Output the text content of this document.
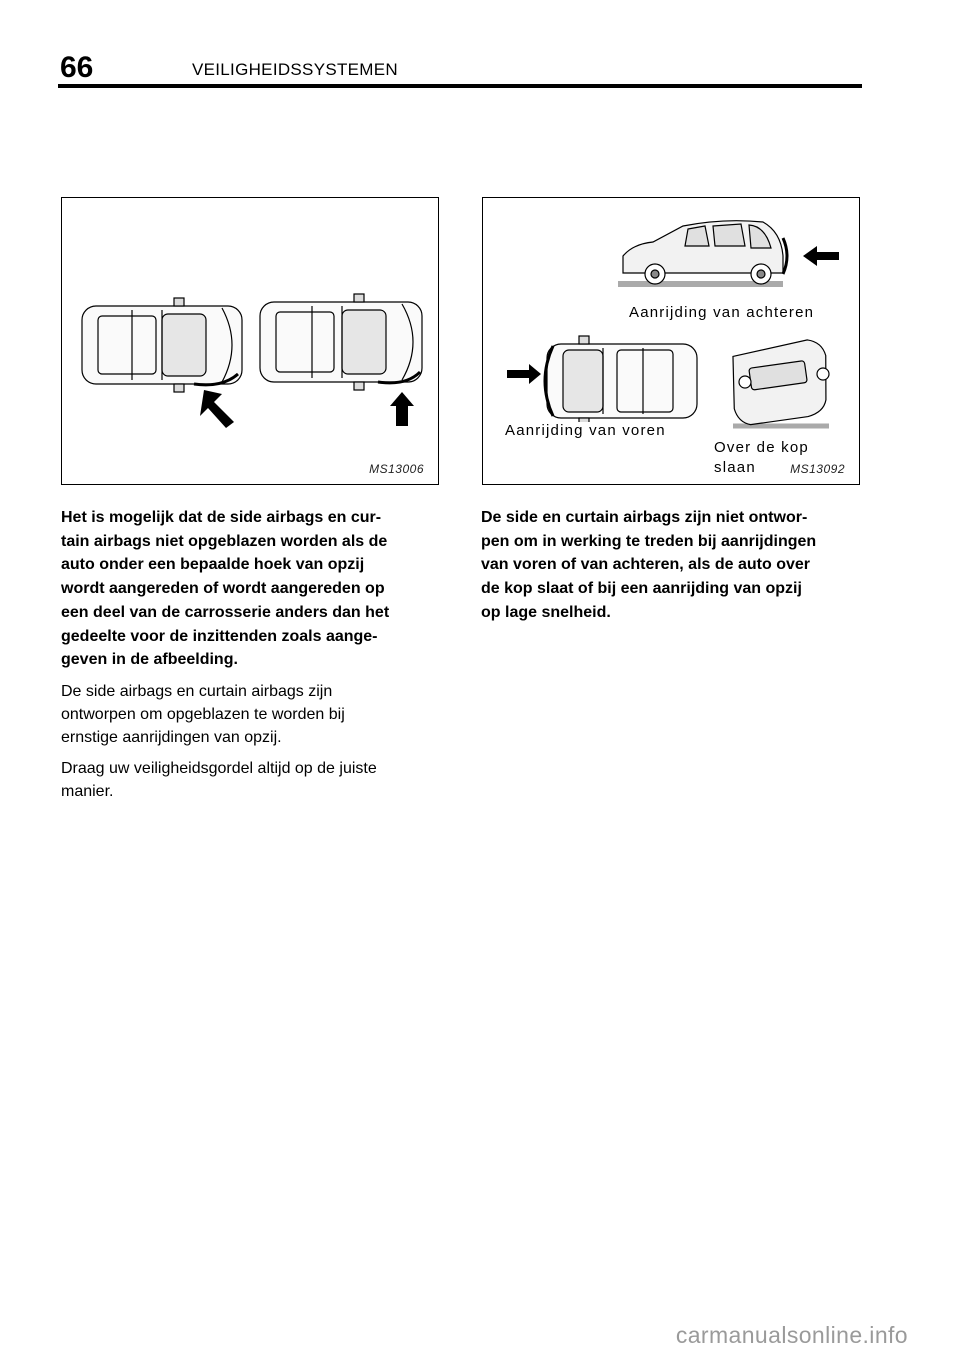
66	VEILIGHEIDSSYSTEMEN
MS13006
Aanrijding van achteren
Aanrijding van voren
Over de kop
slaan	MS13092
Het is mogelijk dat de side airbags en cur-
tain airbags niet opgeblazen worden als de
auto onder een bepaalde hoek van opzij
wordt aangereden of wordt aangereden op
een deel van de carrosserie anders dan het
gedeelte voor de inzittenden zoals aange-
geven in de afbeelding.
De side airbags en curtain airbags zijn
ontworpen om opgeblazen te worden bij
ernstige aanrijdingen van opzij.
Draag uw veiligheidsgordel altijd op de juiste
manier.
De side en curtain airbags zijn niet ontwor-
pen om in werking te treden bij aanrijdingen
van voren of van achteren, als de auto over
de kop slaat of bij een aanrijding van opzij
op lage snelheid.
carmanualsonline.info
